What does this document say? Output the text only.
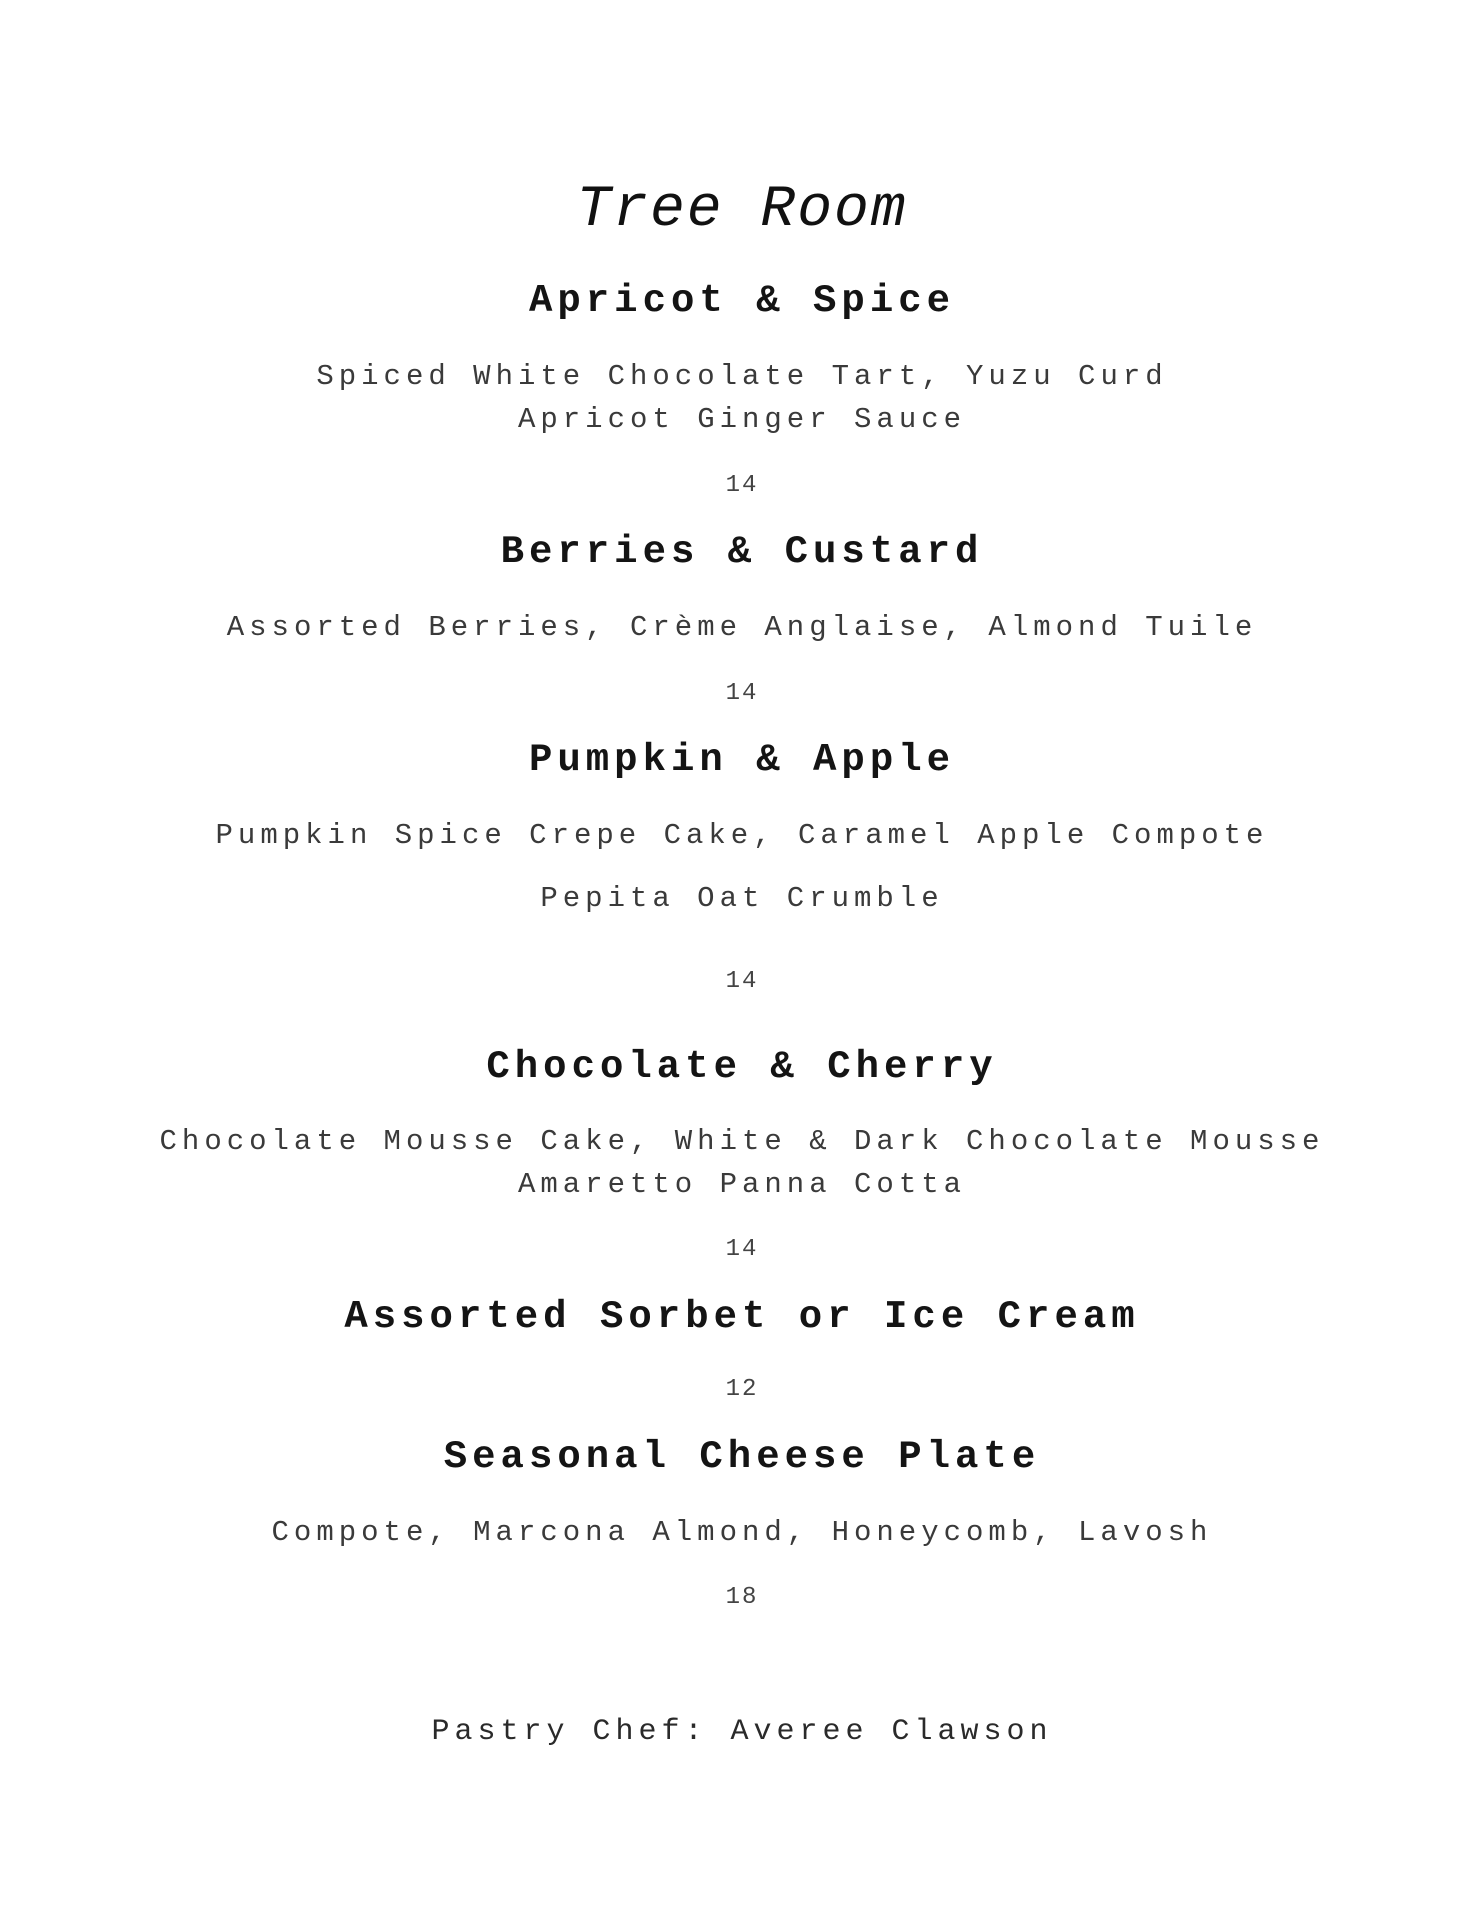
Tree Room
Apricot & Spice
Spiced White Chocolate Tart, Yuzu Curd
Apricot Ginger Sauce
14
Berries & Custard
Assorted Berries, Crème Anglaise, Almond Tuile
14
Pumpkin & Apple
Pumpkin Spice Crepe Cake, Caramel Apple Compote
Pepita Oat Crumble
14
Chocolate & Cherry
Chocolate Mousse Cake, White & Dark Chocolate Mousse
Amaretto Panna Cotta
14
Assorted Sorbet or Ice Cream
12
Seasonal Cheese Plate
Compote, Marcona Almond, Honeycomb, Lavosh
18
Pastry Chef: Averee Clawson
